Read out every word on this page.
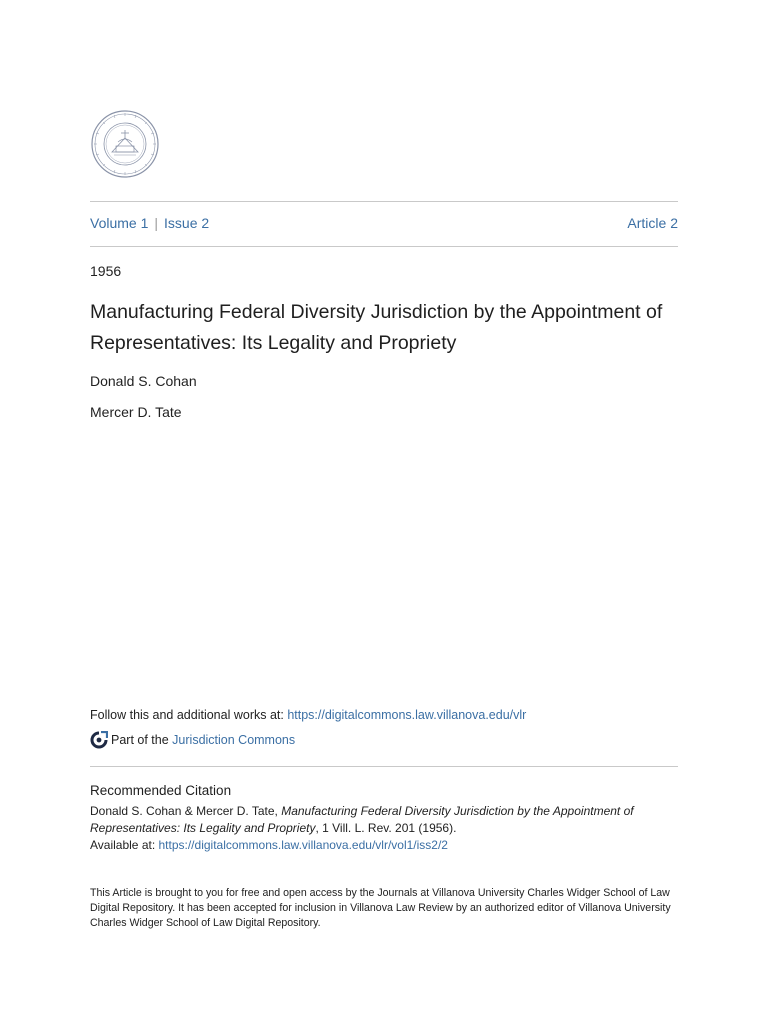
Volume 1 | Issue 2	Article 2
1956
Manufacturing Federal Diversity Jurisdiction by the Appointment of Representatives: Its Legality and Propriety
Donald S. Cohan
Mercer D. Tate
Follow this and additional works at: https://digitalcommons.law.villanova.edu/vlr
Part of the
Jurisdiction Commons
Recommended Citation
Donald S. Cohan & Mercer D. Tate, Manufacturing Federal Diversity Jurisdiction by the Appointment of Representatives: Its Legality and Propriety, 1 Vill. L. Rev. 201 (1956).
Available at: https://digitalcommons.law.villanova.edu/vlr/vol1/iss2/2
This Article is brought to you for free and open access by the Journals at Villanova University Charles Widger School of Law Digital Repository. It has been accepted for inclusion in Villanova Law Review by an authorized editor of Villanova University Charles Widger School of Law Digital Repository.
